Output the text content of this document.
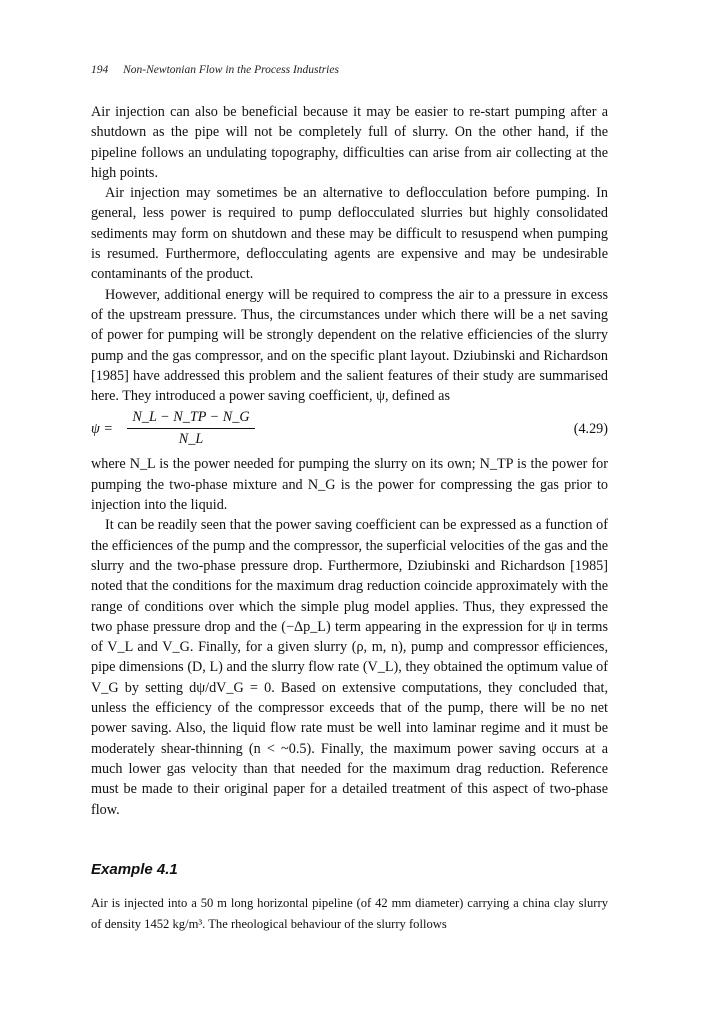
194 Non-Newtonian Flow in the Process Industries

Air injection can also be beneficial because it may be easier to re-start pumping after a shutdown as the pipe will not be completely full of slurry. On the other hand, if the pipeline follows an undulating topography, difficulties can arise from air collecting at the high points.

Air injection may sometimes be an alternative to deflocculation before pumping. In general, less power is required to pump deflocculated slurries but highly consolidated sediments may form on shutdown and these may be difficult to resuspend when pumping is resumed. Furthermore, deflocculating agents are expensive and may be undesirable contaminants of the product.

However, additional energy will be required to compress the air to a pressure in excess of the upstream pressure. Thus, the circumstances under which there will be a net saving of power for pumping will be strongly dependent on the relative efficiencies of the slurry pump and the gas compressor, and on the specific plant layout. Dziubinski and Richardson [1985] have addressed this problem and the salient features of their study are summarised here. They introduced a power saving coefficient, ψ, defined as

$\psi = \frac{N\_L - N\_TP - N\_G}{N\_L}$	(4.29)

where N_L is the power needed for pumping the slurry on its own; N_TP is the power for pumping the two-phase mixture and N_G is the power for compressing the gas prior to injection into the liquid.

It can be readily seen that the power saving coefficient can be expressed as a function of the efficiences of the pump and the compressor, the superficial velocities of the gas and the slurry and the two-phase pressure drop. Furthermore, Dziubinski and Richardson [1985] noted that the conditions for the maximum drag reduction coincide approximately with the range of conditions over which the simple plug model applies. Thus, they expressed the two phase pressure drop and the (−Δp_L) term appearing in the expression for ψ in terms of V_L and V_G. Finally, for a given slurry (ρ, m, n), pump and compressor efficiences, pipe dimensions (D, L) and the slurry flow rate (V_L), they obtained the optimum value of V_G by setting dψ/dV_G = 0. Based on extensive computations, they concluded that, unless the efficiency of the compressor exceeds that of the pump, there will be no net power saving. Also, the liquid flow rate must be well into laminar regime and it must be moderately shear-thinning (n < ~0.5). Finally, the maximum power saving occurs at a much lower gas velocity than that needed for the maximum drag reduction. Reference must be made to their original paper for a detailed treatment of this aspect of two-phase flow.

Example 4.1

Air is injected into a 50 m long horizontal pipeline (of 42 mm diameter) carrying a china clay slurry of density 1452 kg/m³. The rheological behaviour of the slurry follows
